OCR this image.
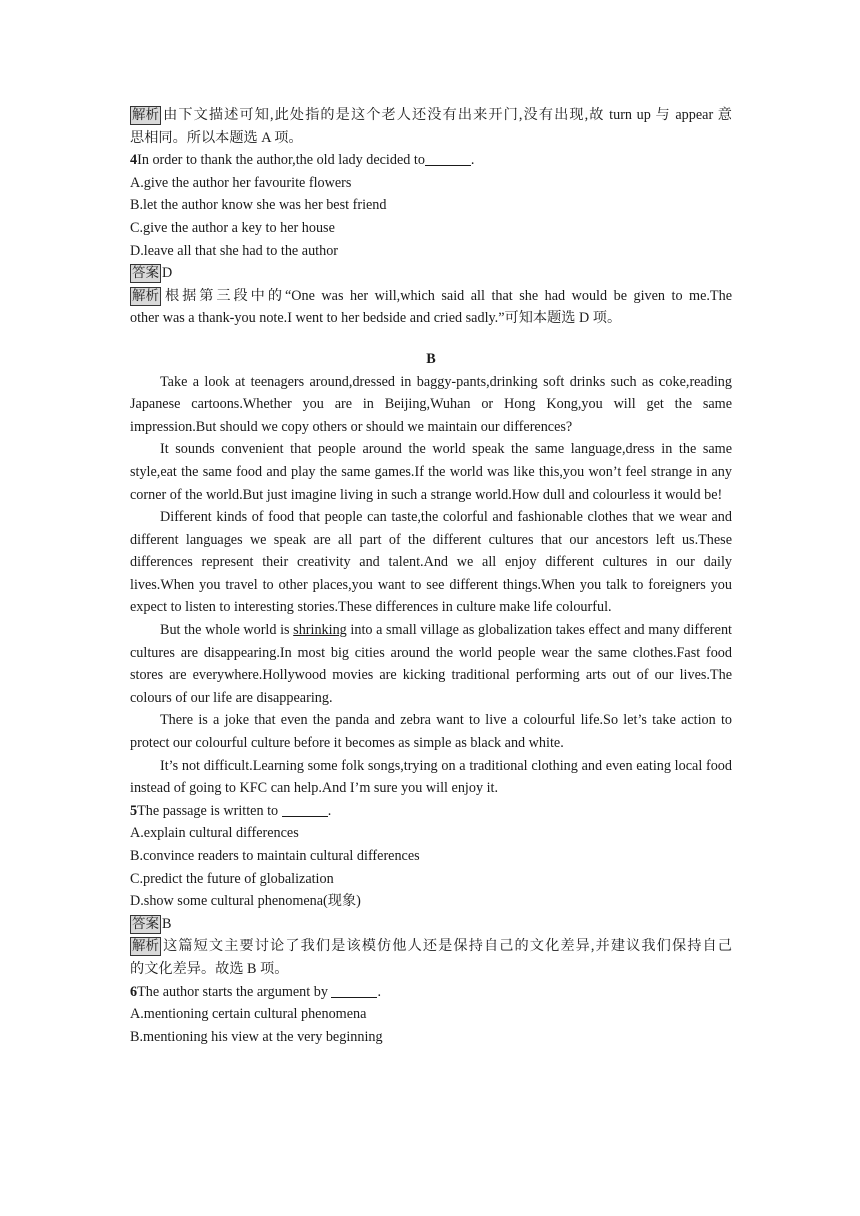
解析 由下文描述可知,此处指的是这个老人还没有出来开门,没有出现,故 turn up 与 appear 意
思相同。所以本题选 A 项。
4In order to thank the author,the old lady decided to	.
A.give the author her favourite flowers
B.let the author know she was her best friend
C.give the author a key to her house
D.leave all that she had to the author
答案 D
解析 根据第三段中的“One was her will,which said all that she had would be given to me.The
other was a thank-you note.I went to her bedside and cried sadly.”可知本题选 D 项。
B
Take a look at teenagers around,dressed in baggy-pants,drinking soft drinks such as coke,reading Japanese cartoons.Whether you are in Beijing,Wuhan or Hong Kong,you will get the same impression.But should we copy others or should we maintain our differences?
It sounds convenient that people around the world speak the same language,dress in the same style,eat the same food and play the same games.If the world was like this,you won’t feel strange in any corner of the world.But just imagine living in such a strange world.How dull and colourless it would be!
Different kinds of food that people can taste,the colorful and fashionable clothes that we wear and different languages we speak are all part of the different cultures that our ancestors left us.These differences represent their creativity and talent.And we all enjoy different cultures in our daily lives.When you travel to other places,you want to see different things.When you talk to foreigners you expect to listen to interesting stories.These differences in culture make life colourful.
But the whole world is shrinking into a small village as globalization takes effect and many different cultures are disappearing.In most big cities around the world people wear the same clothes.Fast food stores are everywhere.Hollywood movies are kicking traditional performing arts out of our lives.The colours of our life are disappearing.
There is a joke that even the panda and zebra want to live a colourful life.So let’s take action to protect our colourful culture before it becomes as simple as black and white.
It’s not difficult.Learning some folk songs,trying on a traditional clothing and even eating local food instead of going to KFC can help.And I’m sure you will enjoy it.
5The passage is written to	.
A.explain cultural differences
B.convince readers to maintain cultural differences
C.predict the future of globalization
D.show some cultural phenomena(现象)
答案 B
解析 这篇短文主要讨论了我们是该模仿他人还是保持自己的文化差异,并建议我们保持自己
的文化差异。故选 B 项。
6The author starts the argument by	.
A.mentioning certain cultural phenomena
B.mentioning his view at the very beginning
